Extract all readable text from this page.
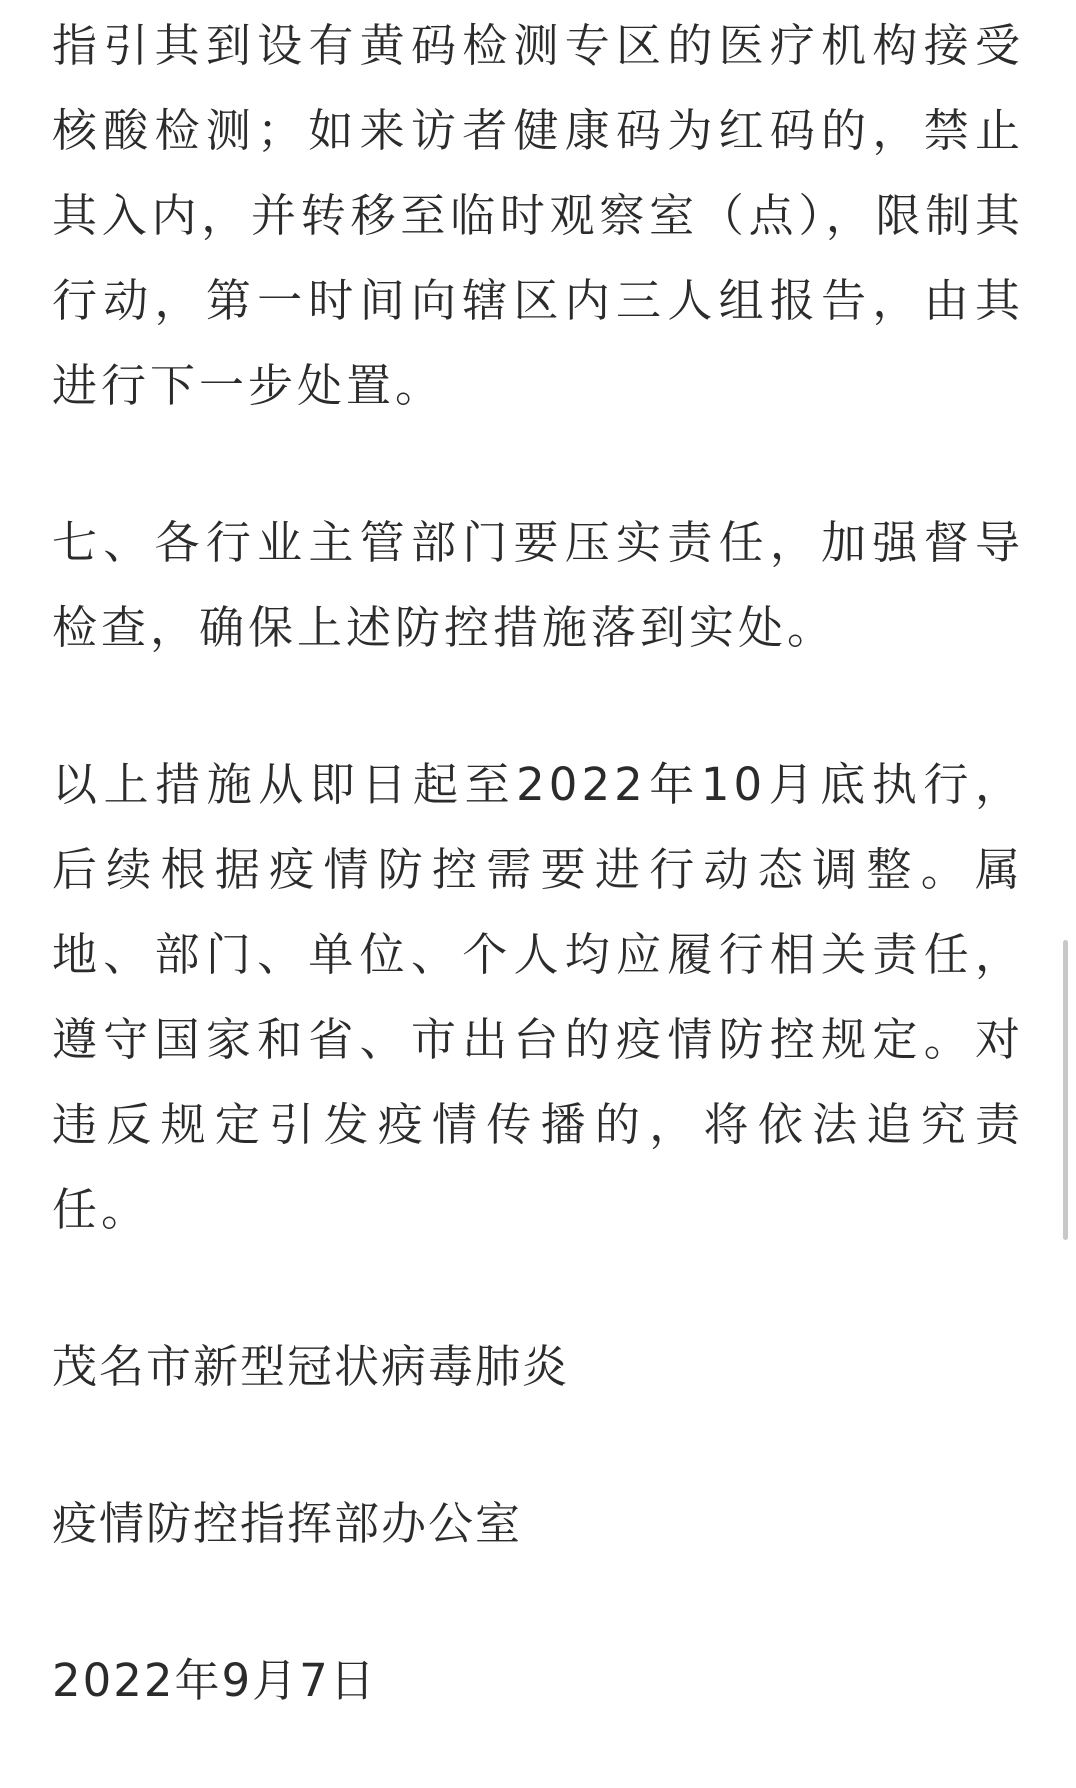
指引其到设有黄码检测专区的医疗机构接受核酸检测；如来访者健康码为红码的，禁止其入内，并转移至临时观察室（点），限制其行动，第一时间向辖区内三人组报告，由其进行下一步处置。

七、各行业主管部门要压实责任，加强督导检查，确保上述防控措施落到实处。

以上措施从即日起至2022年10月底执行，后续根据疫情防控需要进行动态调整。属地、部门、单位、个人均应履行相关责任，遵守国家和省、市出台的疫情防控规定。对违反规定引发疫情传播的，将依法追究责任。

茂名市新型冠状病毒肺炎

疫情防控指挥部办公室

2022年9月7日
